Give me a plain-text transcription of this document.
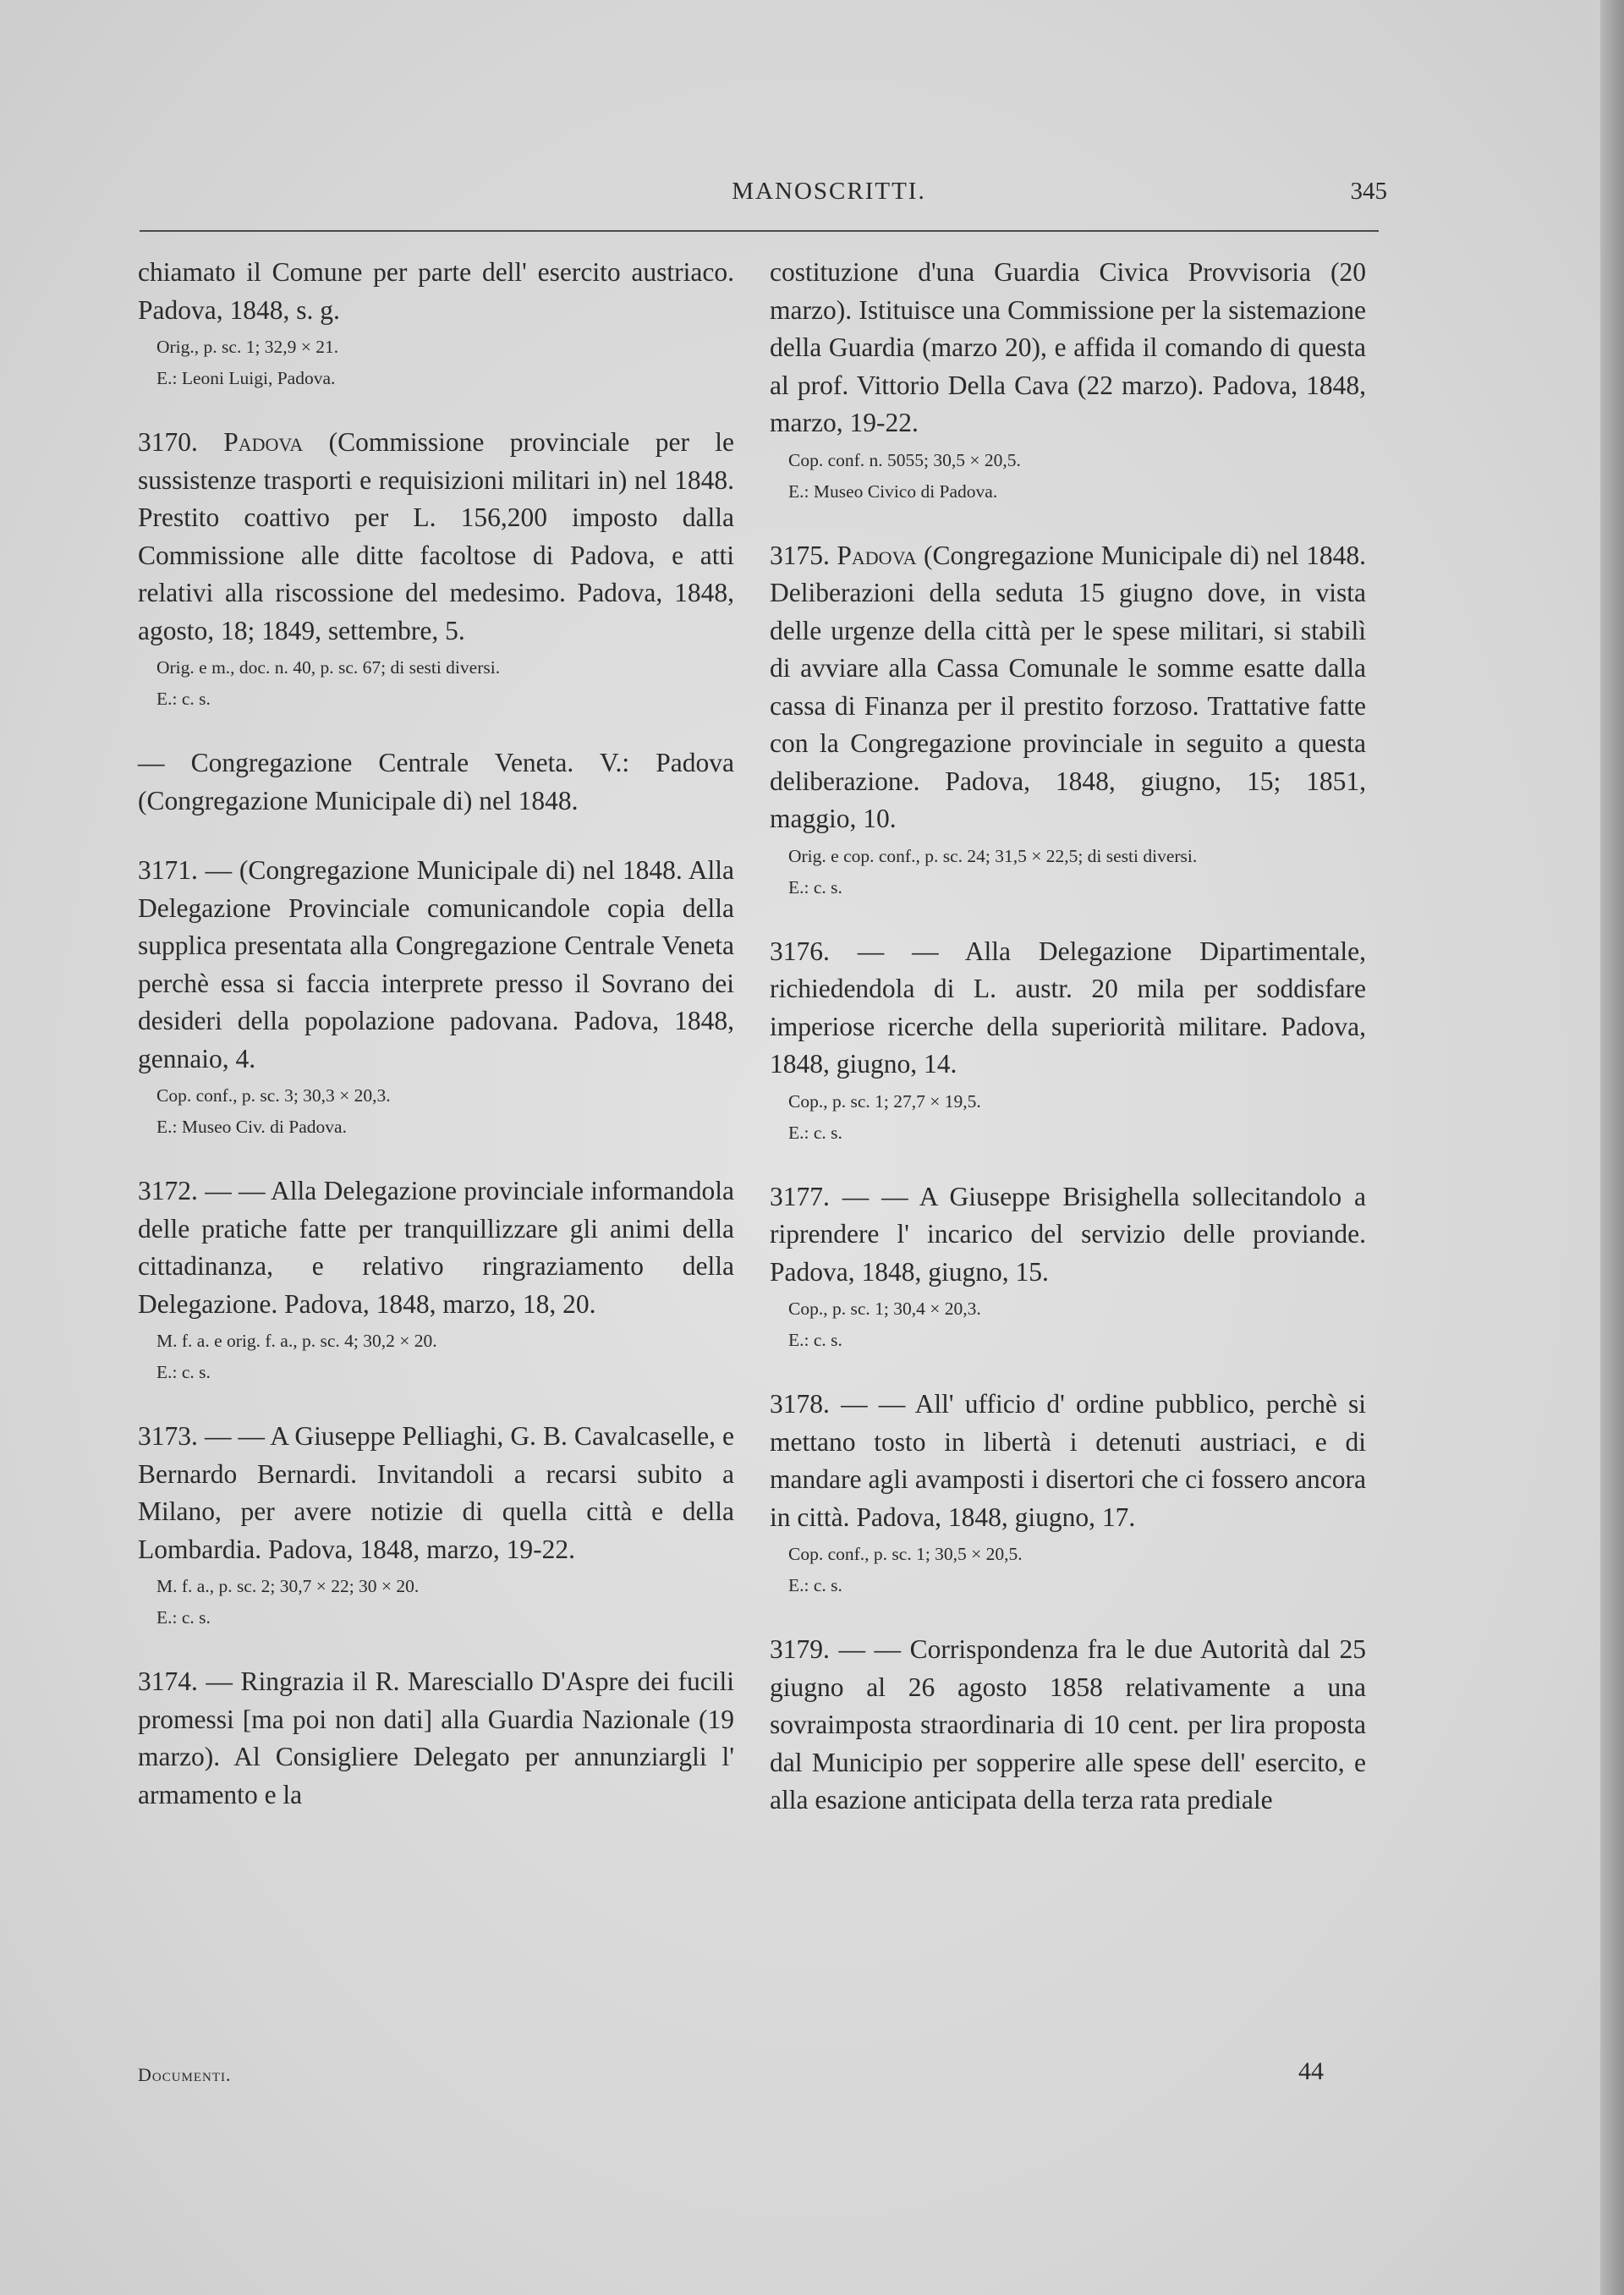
MANOSCRITTI.	345

chiamato il Comune per parte dell' esercito austriaco. Padova, 1848, s. g.

Orig., p. sc. 1; 32,9 × 21.

E.: Leoni Luigi, Padova.

3170. Padova (Commissione provinciale per le sussistenze trasporti e requisizioni militari in) nel 1848. Prestito coattivo per L. 156,200 imposto dalla Commissione alle ditte facoltose di Padova, e atti relativi alla riscossione del medesimo. Padova, 1848, agosto, 18; 1849, settembre, 5.

Orig. e m., doc. n. 40, p. sc. 67; di sesti diversi.

E.: c. s.

— Congregazione Centrale Veneta. V.: Padova (Congregazione Municipale di) nel 1848.

3171. — (Congregazione Municipale di) nel 1848. Alla Delegazione Provinciale comunicandole copia della supplica presentata alla Congregazione Centrale Veneta perchè essa si faccia interprete presso il Sovrano dei desideri della popolazione padovana. Padova, 1848, gennaio, 4.

Cop. conf., p. sc. 3; 30,3 × 20,3.

E.: Museo Civ. di Padova.

3172. — — Alla Delegazione provinciale informandola delle pratiche fatte per tranquillizzare gli animi della cittadinanza, e relativo ringraziamento della Delegazione. Padova, 1848, marzo, 18, 20.

M. f. a. e orig. f. a., p. sc. 4; 30,2 × 20.

E.: c. s.

3173. — — A Giuseppe Pelliaghi, G. B. Cavalcaselle, e Bernardo Bernardi. Invitandoli a recarsi subito a Milano, per avere notizie di quella città e della Lombardia. Padova, 1848, marzo, 19-22.

M. f. a., p. sc. 2; 30,7 × 22; 30 × 20.

E.: c. s.

3174. — Ringrazia il R. Maresciallo D'Aspre dei fucili promessi [ma poi non dati] alla Guardia Nazionale (19 marzo). Al Consigliere Delegato per annunziargli l' armamento e la

costituzione d'una Guardia Civica Provvisoria (20 marzo). Istituisce una Commissione per la sistemazione della Guardia (marzo 20), e affida il comando di questa al prof. Vittorio Della Cava (22 marzo). Padova, 1848, marzo, 19-22.

Cop. conf. n. 5055; 30,5 × 20,5.

E.: Museo Civico di Padova.

3175. Padova (Congregazione Municipale di) nel 1848. Deliberazioni della seduta 15 giugno dove, in vista delle urgenze della città per le spese militari, si stabilì di avviare alla Cassa Comunale le somme esatte dalla cassa di Finanza per il prestito forzoso. Trattative fatte con la Congregazione provinciale in seguito a questa deliberazione. Padova, 1848, giugno, 15; 1851, maggio, 10.

Orig. e cop. conf., p. sc. 24; 31,5 × 22,5; di sesti diversi.

E.: c. s.

3176. — — Alla Delegazione Dipartimentale, richiedendola di L. austr. 20 mila per soddisfare imperiose ricerche della superiorità militare. Padova, 1848, giugno, 14.

Cop., p. sc. 1; 27,7 × 19,5.

E.: c. s.

3177. — — A Giuseppe Brisighella sollecitandolo a riprendere l' incarico del servizio delle proviande. Padova, 1848, giugno, 15.

Cop., p. sc. 1; 30,4 × 20,3.

E.: c. s.

3178. — — All' ufficio d' ordine pubblico, perchè si mettano tosto in libertà i detenuti austriaci, e di mandare agli avamposti i disertori che ci fossero ancora in città. Padova, 1848, giugno, 17.

Cop. conf., p. sc. 1; 30,5 × 20,5.

E.: c. s.

3179. — — Corrispondenza fra le due Autorità dal 25 giugno al 26 agosto 1858 relativamente a una sovraimposta straordinaria di 10 cent. per lira proposta dal Municipio per sopperire alle spese dell' esercito, e alla esazione anticipata della terza rata prediale

Documenti.	44
